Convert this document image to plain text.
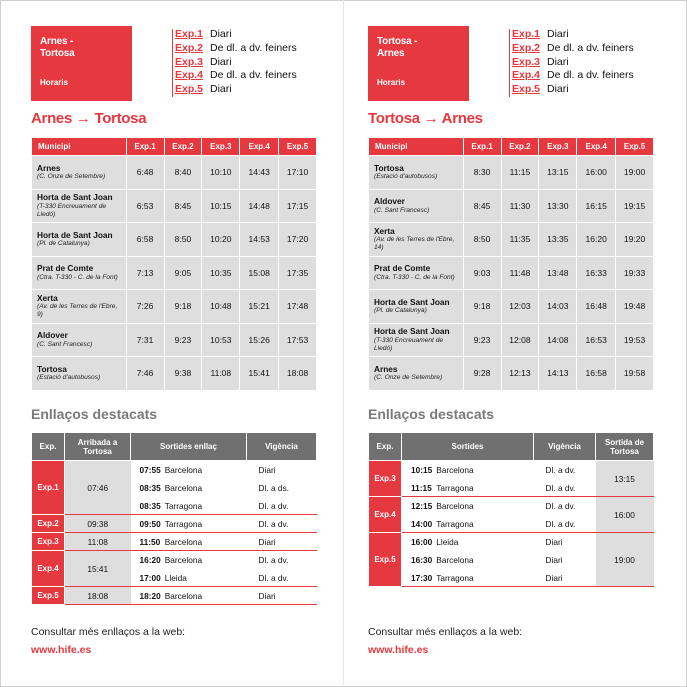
Arnes -
Tortosa
Horaris
Exp.1 Diari
Exp.2 De dl. a dv. feiners
Exp.3 Diari
Exp.4 De dl. a dv. feiners
Exp.5 Diari
Arnes → Tortosa
Municipi	Exp.1	Exp.2	Exp.3	Exp.4	Exp.5

Arnes
(C. Onze de Setembre)	6:48	8:40	10:10	14:43	17:10

Horta de Sant Joan
(T-330 Encreuament de Lledó)	6:53	8:45	10:15	14:48	17:15

Horta de Sant Joan
(Pl. de Catalunya)	6:58	8:50	10:20	14:53	17:20

Prat de Comte
(Ctra. T-330 - C. de la Font)	7:13	9:05	10:35	15:08	17:35

Xerta
(Av. de les Terres de l'Ebre, 9)	7:26	9:18	10:48	15:21	17:48

Aldover
(C. Sant Francesc)	7:31	9:23	10:53	15:26	17:53

Tortosa
(Estació d'autobusos)	7:46	9:38	11:08	15:41	18:08
Enllaços destacats
Exp.	Arribada a Tortosa	Sortides enllaç		Vigència
Exp.1	07:46	07:55	Barcelona	Diari
		08:35	Barcelona	Dl. a ds.
		08:35	Tarragona	Dl. a dv.
Exp.2	09:38	09:50	Tarragona	Dl. a dv.
Exp.3	11:08	11:50	Barcelona	Diari
Exp.4	15:41	16:20	Barcelona	Dl. a dv.
		17:00	Lleida	Dl. a dv.
Exp.5	18:08	18:20	Barcelona	Diari
Consultar més enllaços a la web:
www.hife.es
Tortosa -
Arnes
Horaris
Exp.1 Diari
Exp.2 De dl. a dv. feiners
Exp.3 Diari
Exp.4 De dl. a dv. feiners
Exp.5 Diari
Tortosa → Arnes
Municipi	Exp.1	Exp.2	Exp.3	Exp.4	Exp.5

Tortosa
(Estació d'autobusos)	8:30	11:15	13:15	16:00	19:00

Aldover
(C. Sant Francesc)	8:45	11:30	13:30	16:15	19:15

Xerta
(Av. de les Terres de l'Ebre, 14)	8:50	11:35	13:35	16:20	19:20

Prat de Comte
(Ctra. T-330 - C. de la Font)	9:03	11:48	13:48	16:33	19:33

Horta de Sant Joan
(Pl. de Catalunya)	9:18	12:03	14:03	16:48	19:48

Horta de Sant Joan
(T-330 Encreuament de Lledó)	9:23	12:08	14:08	16:53	19:53

Arnes
(C. Onze de Setembre)	9:28	12:13	14:13	16:58	19:58
Enllaços destacats
Exp.	Sortides		Vigència	Sortida de Tortosa
Exp.3	10:15	Barcelona	Dl. a dv.	13:15
	11:15	Tarragona	Dl. a dv.	
Exp.4	12:15	Barcelona	Dl. a dv.	16:00
	14:00	Tarragona	Dl. a dv.	
Exp.5	16:00	Lleida	Diari	19:00
	16:30	Barcelona	Diari	
	17:30	Tarragona	Diari	
Consultar més enllaços a la web:
www.hife.es
